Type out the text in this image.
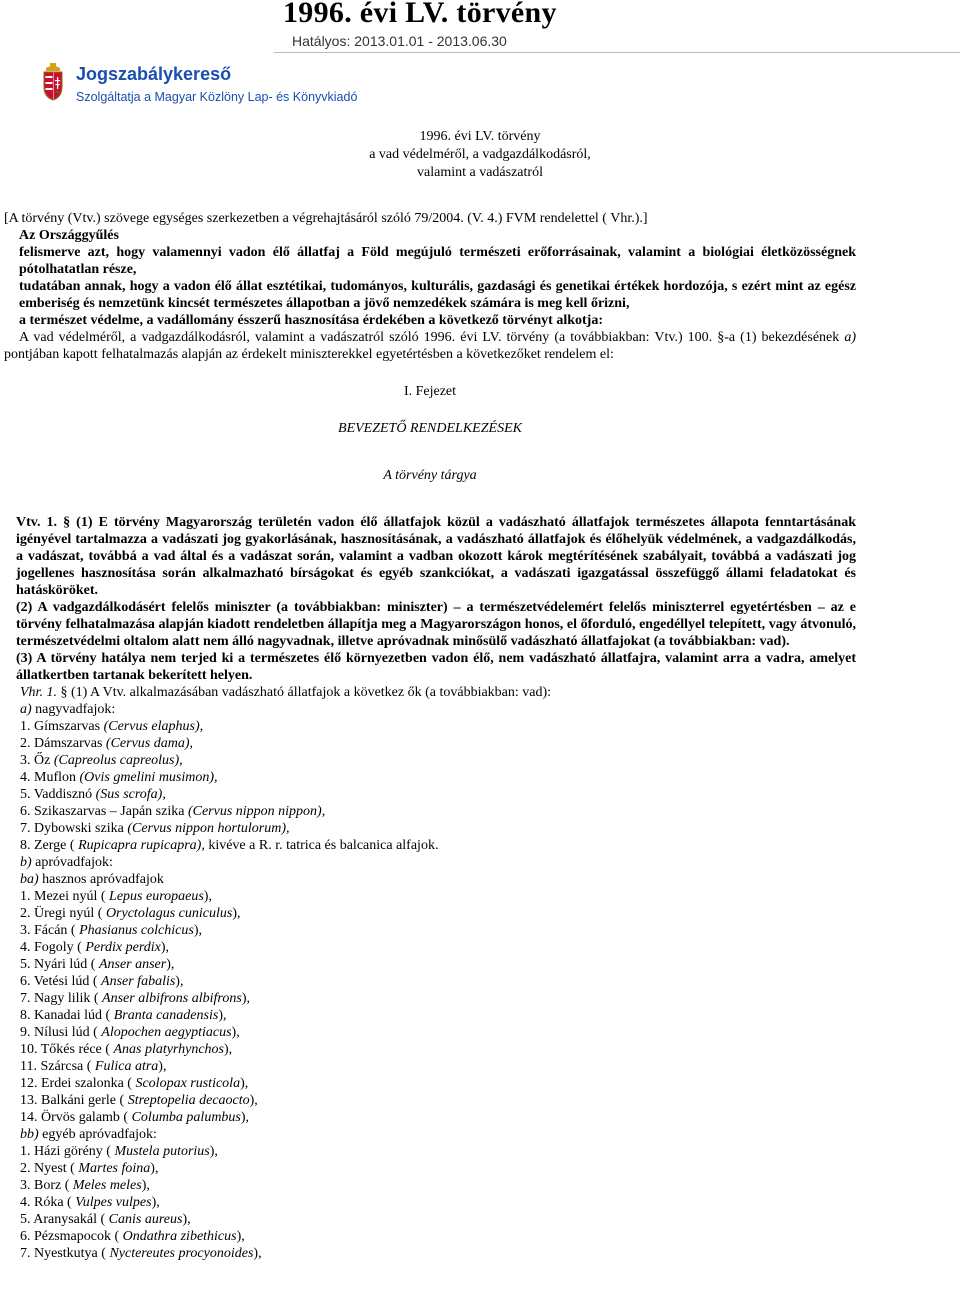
1996. évi LV. törvény
Hatályos: 2013.01.01 - 2013.06.30
Jogszabálykereső
Szolgáltatja a Magyar Közlöny Lap- és Könyvkiadó
1996. évi LV. törvény
a vad védelméről, a vadgazdálkodásról,
valamint a vadászatról

[A törvény (Vtv.) szövege egységes szerkezetben a végrehajtásáról szóló 79/2004. (V. 4.) FVM rendelettel ( Vhr.).]

Az Országgyűlés

felismerve azt, hogy valamennyi vadon élő állatfaj a Föld megújuló természeti erőforrásainak, valamint a biológiai életközösségnek pótolhatatlan része,

tudatában annak, hogy a vadon élő állat esztétikai, tudományos, kulturális, gazdasági és genetikai értékek hordozója, s ezért mint az egész emberiség és nemzetünk kincsét természetes állapotban a jövő nemzedékek számára is meg kell őrizni,

a természet védelme, a vadállomány ésszerű hasznosítása érdekében a következő törvényt alkotja:

A vad védelméről, a vadgazdálkodásról, valamint a vadászatról szóló 1996. évi LV. törvény (a továbbiakban: Vtv.) 100. §-a (1) bekezdésének a) pontjában kapott felhatalmazás alapján az érdekelt miniszterekkel egyetértésben a következőket rendelem el:

I. Fejezet

BEVEZETŐ RENDELKEZÉSEK

A törvény tárgya

Vtv. 1. § (1) E törvény Magyarország területén vadon élő állatfajok közül a vadászható állatfajok természetes állapota fenntartásának igényével tartalmazza a vadászati jog gyakorlásának, hasznosításának, a vadászható állatfajok és élőhelyük védelmének, a vadgazdálkodás, a vadászat, továbbá a vad által és a vadászat során, valamint a vadban okozott károk megtérítésének szabályait, továbbá a vadászati jog jogellenes hasznosítása során alkalmazható bírságokat és egyéb szankciókat, a vadászati igazgatással összefüggő állami feladatokat és hatásköröket.

(2) A vadgazdálkodásért felelős miniszter (a továbbiakban: miniszter) – a természetvédelemért felelős miniszterrel egyetértésben – az e törvény felhatalmazása alapján kiadott rendeletben állapítja meg a Magyarországon honos, el őforduló, engedéllyel telepített, vagy átvonuló, természetvédelmi oltalom alatt nem álló nagyvadnak, illetve apróvadnak minősülő vadászható állatfajokat (a továbbiakban: vad).

(3) A törvény hatálya nem terjed ki a természetes élő környezetben vadon élő, nem vadászható állatfajra, valamint arra a vadra, amelyet állatkertben tartanak bekerített helyen.

Vhr. 1. § (1) A Vtv. alkalmazásában vadászható állatfajok a következ ők (a továbbiakban: vad):

a) nagyvadfajok:

1. Gímszarvas (Cervus elaphus),

2. Dámszarvas (Cervus dama),

3. Őz (Capreolus capreolus),

4. Muflon (Ovis gmelini musimon),

5. Vaddisznó (Sus scrofa),

6. Szikaszarvas – Japán szika (Cervus nippon nippon),

7. Dybowski szika (Cervus nippon hortulorum),

8. Zerge ( Rupicapra rupicapra), kivéve a R. r. tatrica és balcanica alfajok.

b) apróvadfajok:

ba) hasznos apróvadfajok

1. Mezei nyúl ( Lepus europaeus),

2. Üregi nyúl ( Oryctolagus cuniculus),

3. Fácán ( Phasianus colchicus),

4. Fogoly ( Perdix perdix),

5. Nyári lúd ( Anser anser),

6. Vetési lúd ( Anser fabalis),

7. Nagy lilik ( Anser albifrons albifrons),

8. Kanadai lúd ( Branta canadensis),

9. Nílusi lúd ( Alopochen aegyptiacus),

10. Tőkés réce ( Anas platyrhynchos),

11. Szárcsa ( Fulica atra),

12. Erdei szalonka ( Scolopax rusticola),

13. Balkáni gerle ( Streptopelia decaocto),

14. Örvös galamb ( Columba palumbus),

bb) egyéb apróvadfajok:

1. Házi görény ( Mustela putorius),

2. Nyest ( Martes foina),

3. Borz ( Meles meles),

4. Róka ( Vulpes vulpes),

5. Aranysakál ( Canis aureus),

6. Pézsmapocok ( Ondathra zibethicus),

7. Nyestkutya ( Nyctereutes procyonoides),
